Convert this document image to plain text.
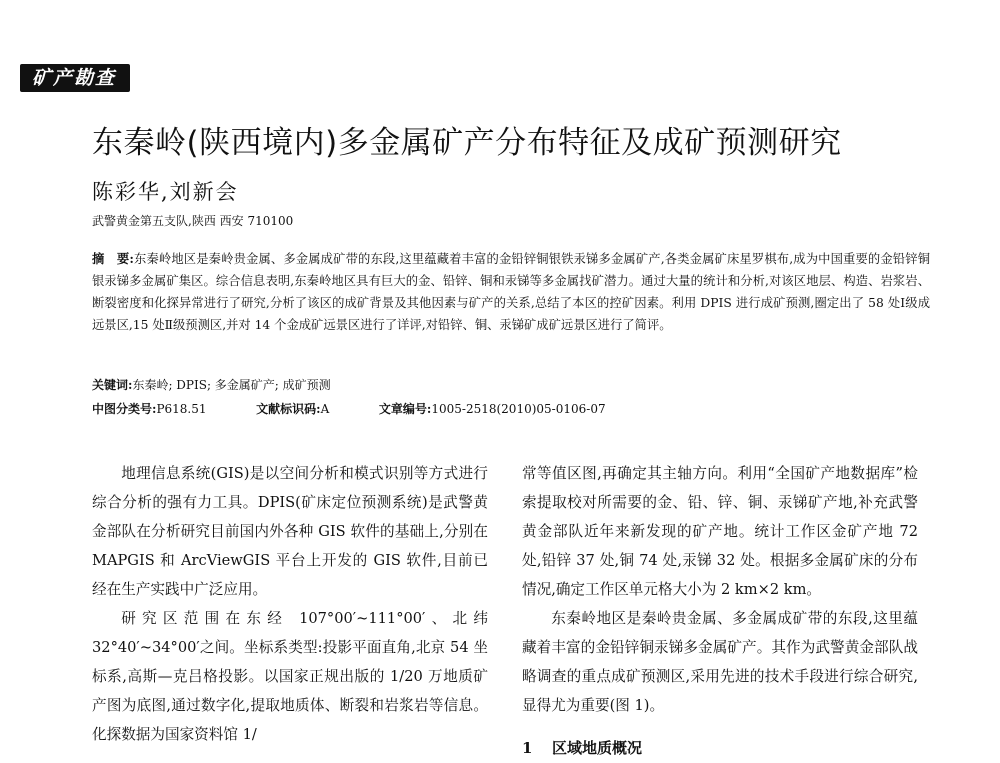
矿产勘查
东秦岭(陕西境内)多金属矿产分布特征及成矿预测研究
陈彩华,刘新会
武警黄金第五支队,陕西 西安 710100
摘　要:东秦岭地区是秦岭贵金属、多金属成矿带的东段,这里蕴藏着丰富的金铅锌铜银铁汞锑多金属矿产,各类金属矿床星罗棋布,成为中国重要的金铅锌铜银汞锑多金属矿集区。综合信息表明,东秦岭地区具有巨大的金、铅锌、铜和汞锑等多金属找矿潜力。通过大量的统计和分析,对该区地层、构造、岩浆岩、断裂密度和化探异常进行了研究,分析了该区的成矿背景及其他因素与矿产的关系,总结了本区的控矿因素。利用 DPIS 进行成矿预测,圈定出了 58 处Ⅰ级成远景区,15 处Ⅱ级预测区,并对 14 个金成矿远景区进行了详评,对铅锌、铜、汞锑矿成矿远景区进行了简评。
关键词:东秦岭; DPIS; 多金属矿产; 成矿预测
中图分类号:P618.51	文献标识码:A	文章编号:1005-2518(2010)05-0106-07

地理信息系统(GIS)是以空间分析和模式识别等方式进行综合分析的强有力工具。DPIS(矿床定位预测系统)是武警黄金部队在分析研究目前国内外各种 GIS 软件的基础上,分别在 MAPGIS 和 ArcViewGIS 平台上开发的 GIS 软件,目前已经在生产实践中广泛应用。

研究区范围在东经 107°00′~111°00′、北纬 32°40′~34°00′之间。坐标系类型:投影平面直角,北京 54 坐标系,高斯—克吕格投影。以国家正规出版的 1/20 万地质矿产图为底图,通过数字化,提取地质体、断裂和岩浆岩等信息。化探数据为国家资料馆 1/

常等值区图,再确定其主轴方向。利用“全国矿产地数据库”检索提取校对所需要的金、铅、锌、铜、汞锑矿产地,补充武警黄金部队近年来新发现的矿产地。统计工作区金矿产地 72 处,铅锌 37 处,铜 74 处,汞锑 32 处。根据多金属矿床的分布情况,确定工作区单元格大小为 2 km×2 km。

东秦岭地区是秦岭贵金属、多金属成矿带的东段,这里蕴藏着丰富的金铅锌铜汞锑多金属矿产。其作为武警黄金部队战略调查的重点成矿预测区,采用先进的技术手段进行综合研究,显得尤为重要(图 1)。

1 区域地质概况
